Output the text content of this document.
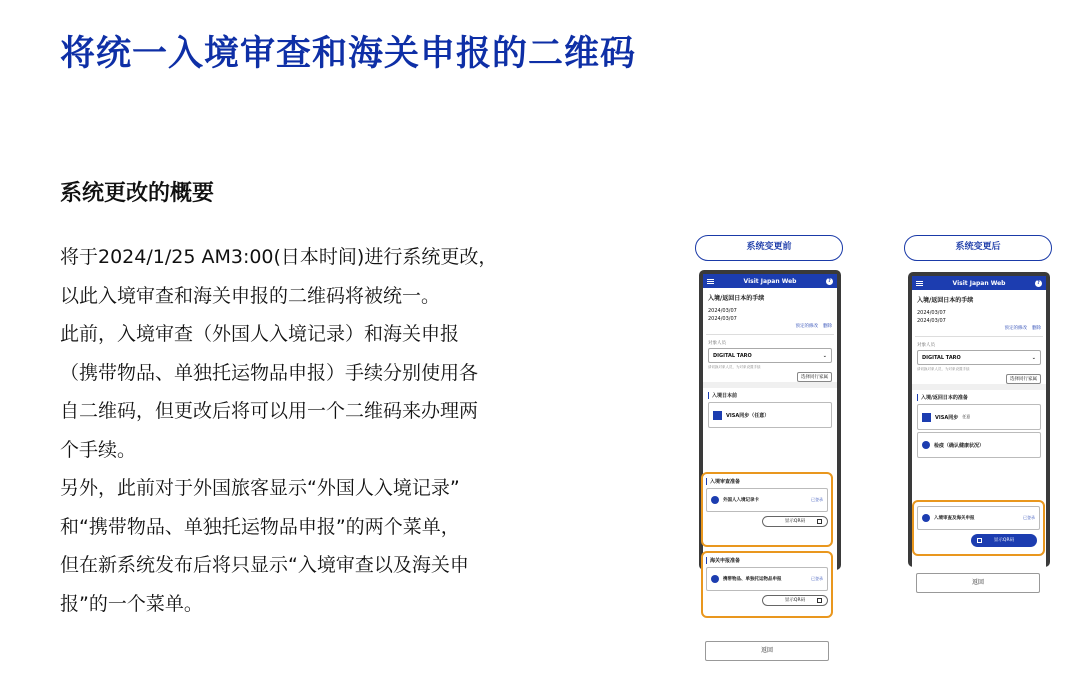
将统一入境审查和海关申报的二维码
系统更改的概要

将于2024/1/25 AM3:00(日本时间)进行系统更改，

以此入境审查和海关申报的二维码将被统一。

此前，入境审查（外国人入境记录）和海关申报

（携带物品、单独托运物品申报）手续分别使用各

自二维码，但更改后将可以用一个二维码来办理两

个手续。

另外，此前对于外国旅客显示“外国人入境记录”

和“携带物品、单独托运物品申报”的两个菜单，

但在新系统发布后将只显示“入境审查以及海关申

报”的一个菜单。

系统变更前
Visit Japan Web	?
入境/返回日本的手续
2024/03/07
2024/03/07
预定的修改 删除
对象人员
DIGITAL TARO	⌄
请切换对象人员，为对象设置手续
选择同行家属
入境日本前
VISA同步（任意）
入境审查准备
外国人入境记录卡	已登录
显示QR码
海关申报准备
携带物品、单独托运物品申报	已登录
显示QR码
返回
系统变更后
Visit Japan Web	?
入境/返回日本的手续
2024/03/07
2024/03/07
预定的修改 删除
对象人员
DIGITAL TARO	⌄
请切换对象人员，为对象设置手续
选择同行家属
入境/返回日本的准备
VISA同步 任意
检疫（确认健康状况）
入境审查及海关申报	已登录
显示QR码
返回
